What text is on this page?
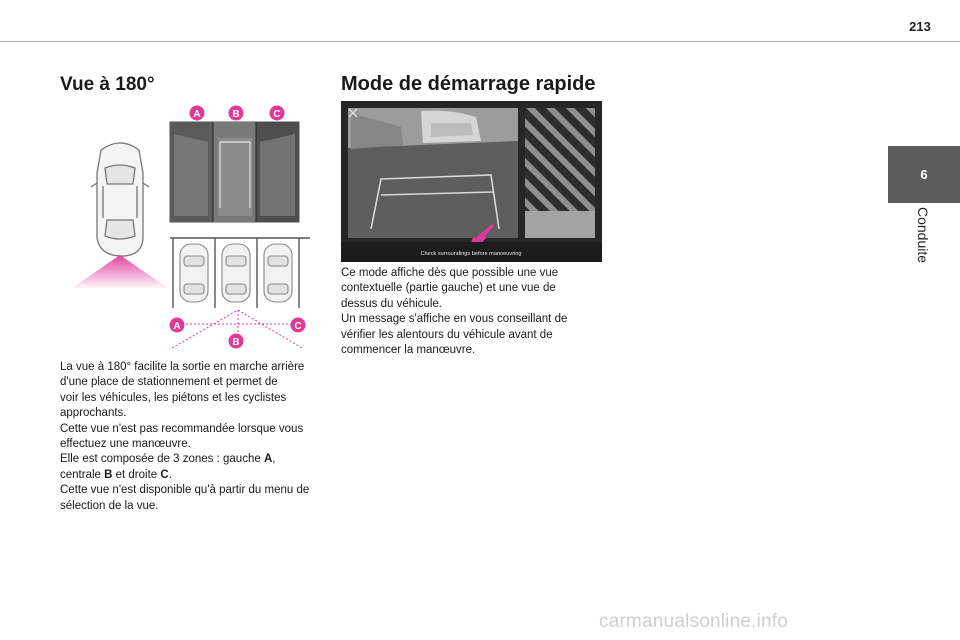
213
6
Conduite
Vue à 180°
A	B	C
A
B
C

La vue à 180° facilite la sortie en marche arrière
d'une place de stationnement et permet de
voir les véhicules, les piétons et les cyclistes
approchants.

Cette vue n'est pas recommandée lorsque vous
effectuez une manœuvre.

Elle est composée de 3 zones : gauche A,
centrale B et droite C.

Cette vue n'est disponible qu'à partir du menu de
sélection de la vue.

Mode de démarrage rapide
Check surroundings before manoeuvring

Ce mode affiche dès que possible une vue
contextuelle (partie gauche) et une vue de
dessus du véhicule.

Un message s'affiche en vous conseillant de
vérifier les alentours du véhicule avant de
commencer la manœuvre.

carmanualsonline.info
